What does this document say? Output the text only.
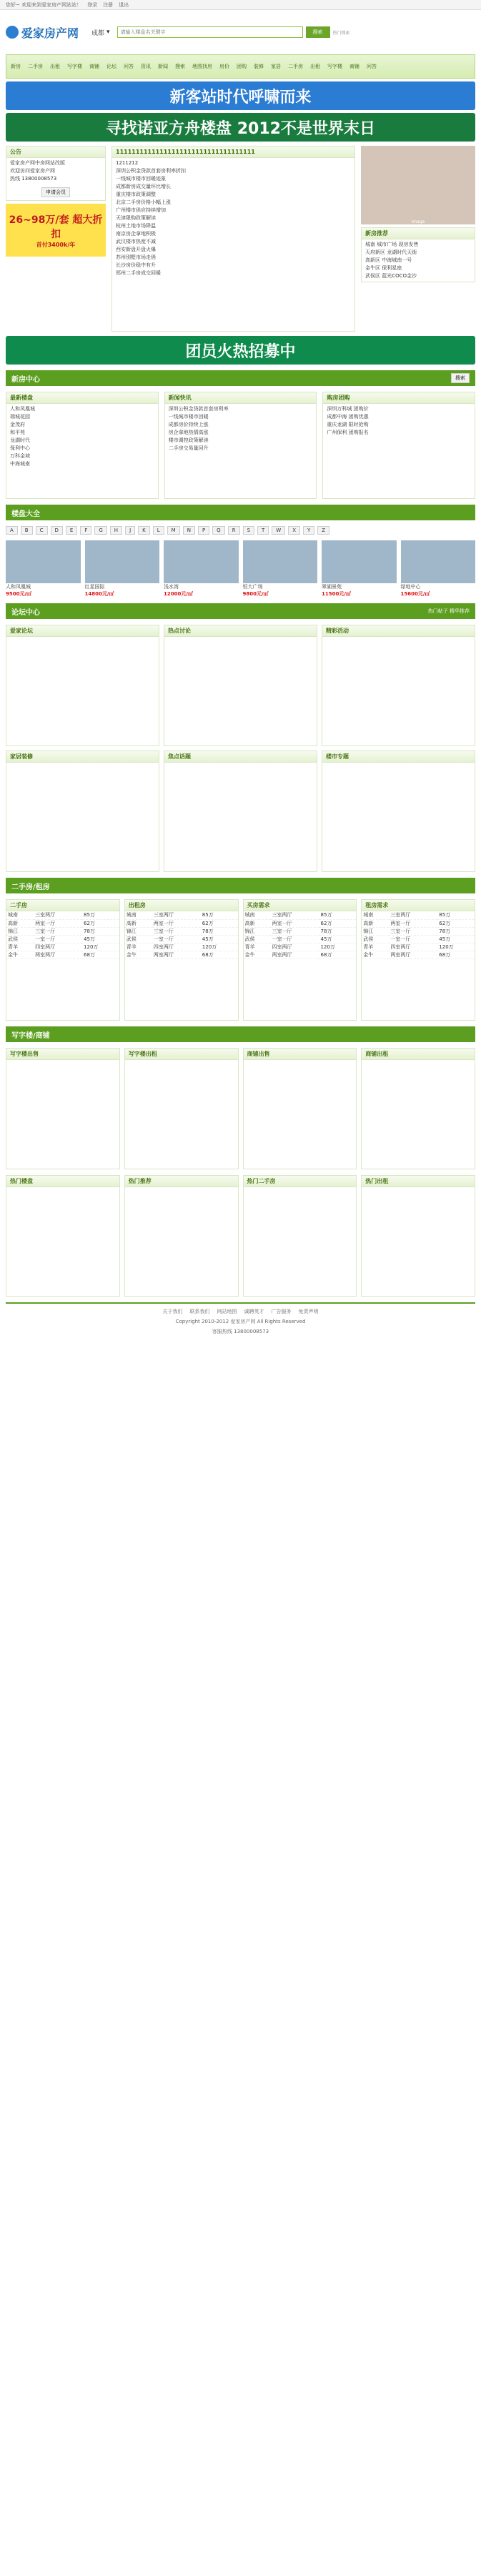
您好~ 欢迎来到爱家房产网站站！ 登录 注册 退出
爱家房产网 成都 ▾
请输入楼盘名关键字	搜索	热门搜索
新房 二手房 出租 写字楼 商铺 论坛 问答 资讯 新闻 搜索 地图找房 房价 团购 装修 家居 二手房 出租 写字楼 商铺 问答
新客站时代呼啸而来
寻找诺亚方舟楼盘 2012不是世界末日
公告
爱家房产网中房网站改版
欢迎访问爱家房产网
热线 13800008573
申请会员
26~98万/套 超大折扣
首付3400k/年
11111111111111111111111111111111111
1211212
深圳公积金贷款首套房利率折扣
一线城市楼市回暖迹象
成都新房成交量环比增长
重庆楼市政策调整
北京二手房价格小幅上涨
广州楼市供应持续增加
天津限购政策解读
杭州土地市场降温
南京房企拿地积极
武汉楼市热度不减
西安新盘开盘火爆
苏州别墅市场走俏
长沙房价稳中有升
郑州二手房成交回暖
image
新房推荐
城南 城市广场 现房发售
天府新区 龙湖时代天街
高新区 中海城南一号
金牛区 保利星座
武侯区 蓝光COCO金沙
团员火热招募中
新房中心	搜索
最新楼盘
人和凤凰城
瑞城花园
金茂府
和平苑
龙湖时代
保利中心
万科金域
中海城南
新闻快讯
深圳公积金贷款首套房利率
一线城市楼市回暖
成都房价持续上涨
房企拿地热情高涨
楼市调控政策解读
二手房交易量回升
购房团购
深圳万科城 团购价
成都中海 团购优惠
重庆龙湖 限时抢购
广州保利 团购报名
楼盘大全
A	B	C	D	E	F	G	H	J	K	L	M	N	P	Q	R	S	T	W	X	Y	Z
人和凤凰城
9500元/㎡
红星国际
14800元/㎡
浅水湾
12000元/㎡
恒大广场
9800元/㎡
翠湖景苑
11500元/㎡
绿地中心
15600元/㎡
论坛中心	热门帖子 精华推荐
爱家论坛	热点讨论	精彩活动
家居装修	焦点话题	楼市专题
二手房/租房
二手房
城南	三室两厅	85万
高新	两室一厅	62万
锦江	三室一厅	78万
武侯	一室一厅	45万
青羊	四室两厅	120万
金牛	两室两厅	68万
出租房
城南	三室两厅	85万
高新	两室一厅	62万
锦江	三室一厅	78万
武侯	一室一厅	45万
青羊	四室两厅	120万
金牛	两室两厅	68万
买房需求
城南	三室两厅	85万
高新	两室一厅	62万
锦江	三室一厅	78万
武侯	一室一厅	45万
青羊	四室两厅	120万
金牛	两室两厅	68万
租房需求
城南	三室两厅	85万
高新	两室一厅	62万
锦江	三室一厅	78万
武侯	一室一厅	45万
青羊	四室两厅	120万
金牛	两室两厅	68万
写字楼/商铺
写字楼出售	写字楼出租	商铺出售	商铺出租
热门楼盘	热门推荐	热门二手房	热门出租
关于我们 联系我们 网站地图 诚聘英才 广告服务 免责声明
Copyright 2010-2012 爱家房产网 All Rights Reserved
客服热线 13800008573
